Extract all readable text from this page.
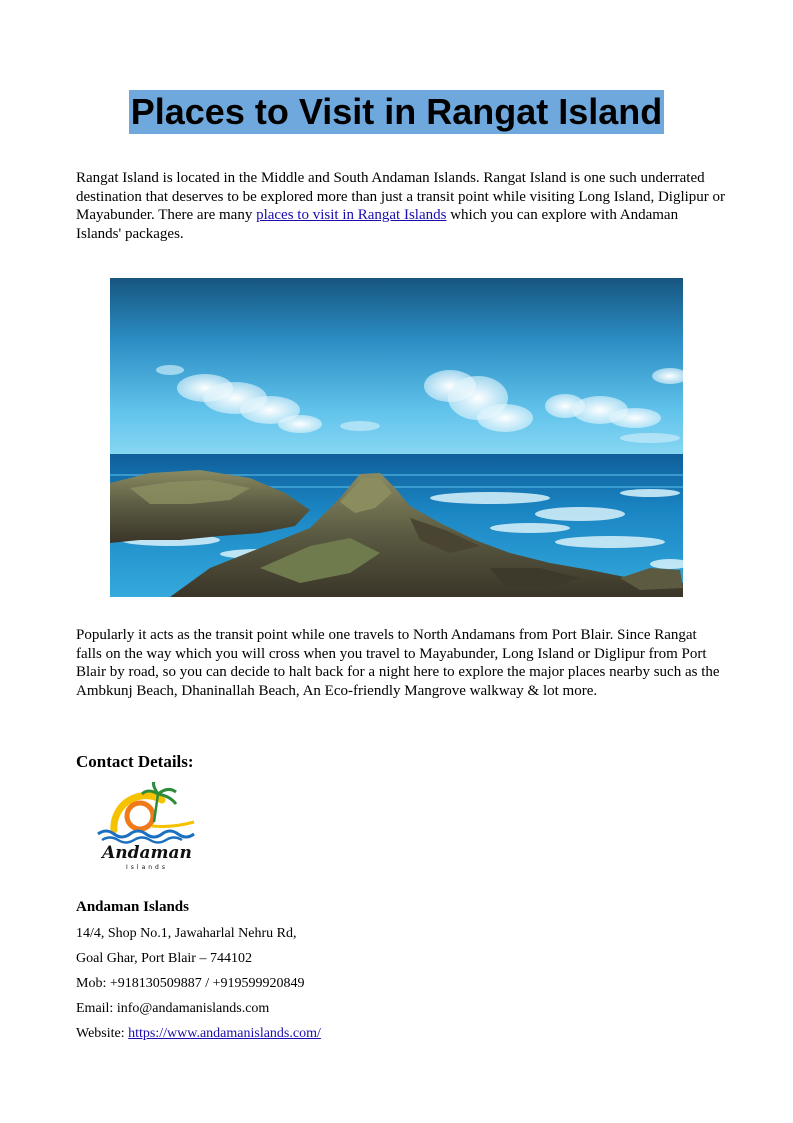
Places to Visit in Rangat Island

Rangat Island is located in the Middle and South Andaman Islands. Rangat Island is one such underrated destination that deserves to be explored more than just a transit point while visiting Long Island, Diglipur or Mayabunder. There are many places to visit in Rangat Islands which you can explore with Andaman Islands' packages.

Popularly it acts as the transit point while one travels to North Andamans from Port Blair. Since Rangat falls on the way which you will cross when you travel to Mayabunder, Long Island or Diglipur from Port Blair by road, so you can decide to halt back for a night here to explore the major places nearby such as the Ambkunj Beach, Dhaninallah Beach, An Eco-friendly Mangrove walkway & lot more.

Contact Details:
Andaman
Islands
Andaman Islands
14/4, Shop No.1, Jawaharlal Nehru Rd,
Goal Ghar, Port Blair – 744102
Mob: +918130509887 / +919599920849
Email: info@andamanislands.com
Website: https://www.andamanislands.com/
